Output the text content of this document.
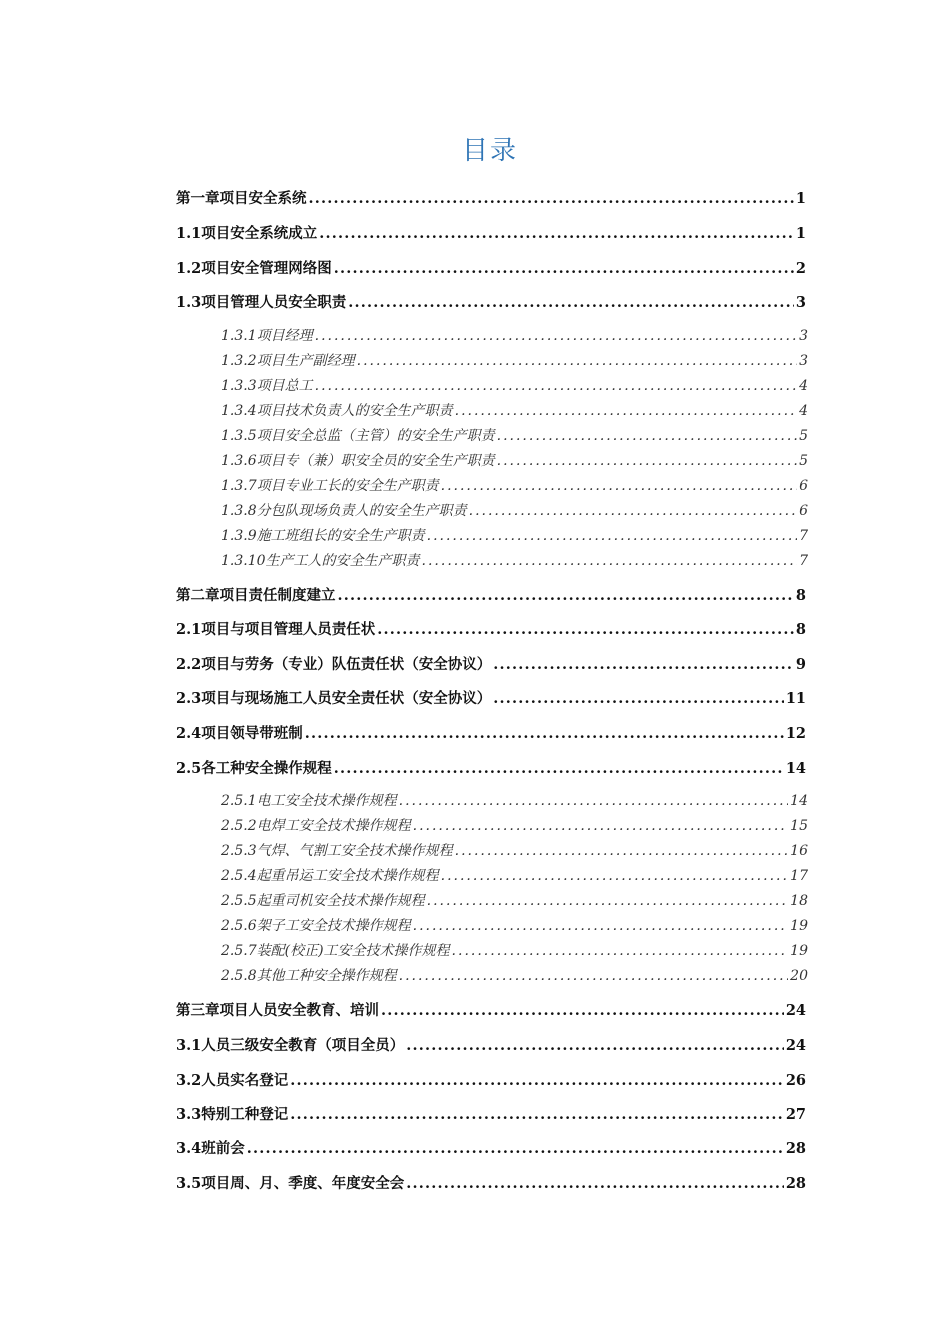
目录
第一章项目安全系统 .....	1
1.1项目安全系统成立 .....	1
1.2项目安全管理网络图 .....	2
1.3项目管理人员安全职责 .....	3
1.3.1项目经理 .....	3
1.3.2项目生产副经理 .....	3
1.3.3项目总工 .....	4
1.3.4项目技术负责人的安全生产职责 .....	4
1.3.5项目安全总监（主管）的安全生产职责 .....	5
1.3.6项目专（兼）职安全员的安全生产职责 .....	5
1.3.7项目专业工长的安全生产职责 .....	6
1.3.8分包队现场负责人的安全生产职责 .....	6
1.3.9施工班组长的安全生产职责 .....	7
1.3.10生产工人的安全生产职责 .....	7
第二章项目责任制度建立 .....	8
2.1项目与项目管理人员责任状 .....	8
2.2项目与劳务（专业）队伍责任状（安全协议） .....	9
2.3项目与现场施工人员安全责任状（安全协议） .....	11
2.4项目领导带班制 .....	12
2.5各工种安全操作规程 .....	14
2.5.1电工安全技术操作规程 .....	14
2.5.2电焊工安全技术操作规程 .....	15
2.5.3气焊、气割工安全技术操作规程 .....	16
2.5.4起重吊运工安全技术操作规程 .....	17
2.5.5起重司机安全技术操作规程 .....	18
2.5.6架子工安全技术操作规程 .....	19
2.5.7装配(校正)工安全技术操作规程 .....	19
2.5.8其他工种安全操作规程 .....	20
第三章项目人员安全教育、培训 .....	24
3.1人员三级安全教育（项目全员） .....	24
3.2人员实名登记 .....	26
3.3特别工种登记 .....	27
3.4班前会 .....	28
3.5项目周、月、季度、年度安全会 .....	28
